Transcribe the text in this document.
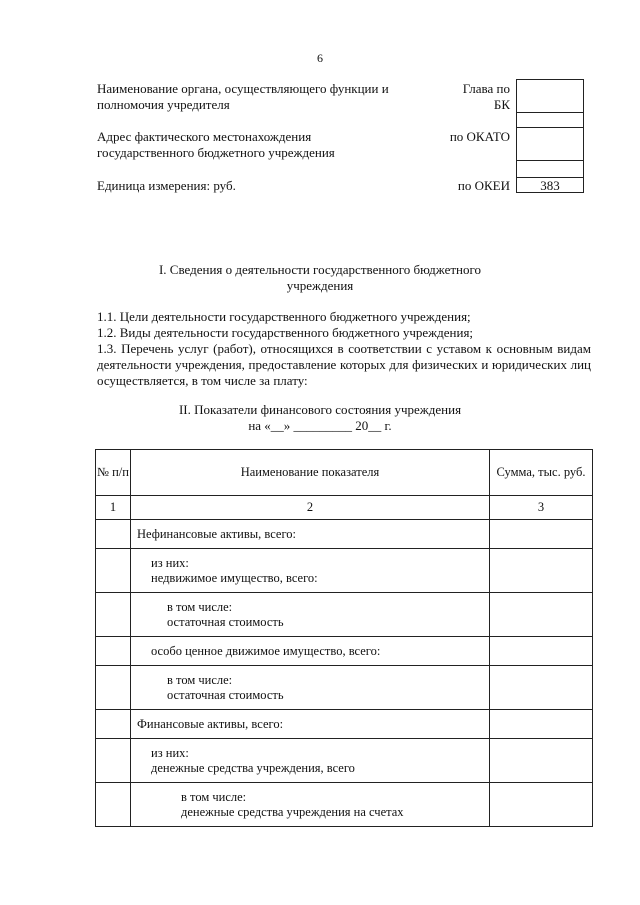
6
Наименование органа, осуществляющего функции и
полномочия учредителя
Глава по
БК
Адрес фактического местонахождения
государственного бюджетного учреждения
по ОКАТО
Единица измерения: руб.	по ОКЕИ	383
I. Сведения о деятельности государственного бюджетного
учреждения
1.1. Цели деятельности государственного бюджетного учреждения;
1.2. Виды деятельности государственного бюджетного учреждения;
1.3. Перечень услуг (работ), относящихся в соответствии с уставом к основным видам деятельности учреждения, предоставление которых для физических и юридических лиц осуществляется, в том числе за плату:
II. Показатели финансового состояния учреждения
на «__» _________ 20__ г.
№ п/п	Наименование показателя	Сумма, тыс. руб.
1	2	3

	Нефинансовые активы, всего:	

	из них:
недвижимое имущество, всего:	

	в том числе:
остаточная стоимость	

	особо ценное движимое имущество, всего:	

	в том числе:
остаточная стоимость	

	Финансовые активы, всего:	

	из них:
денежные средства учреждения, всего	

	в том числе:
денежные средства учреждения на счетах	
